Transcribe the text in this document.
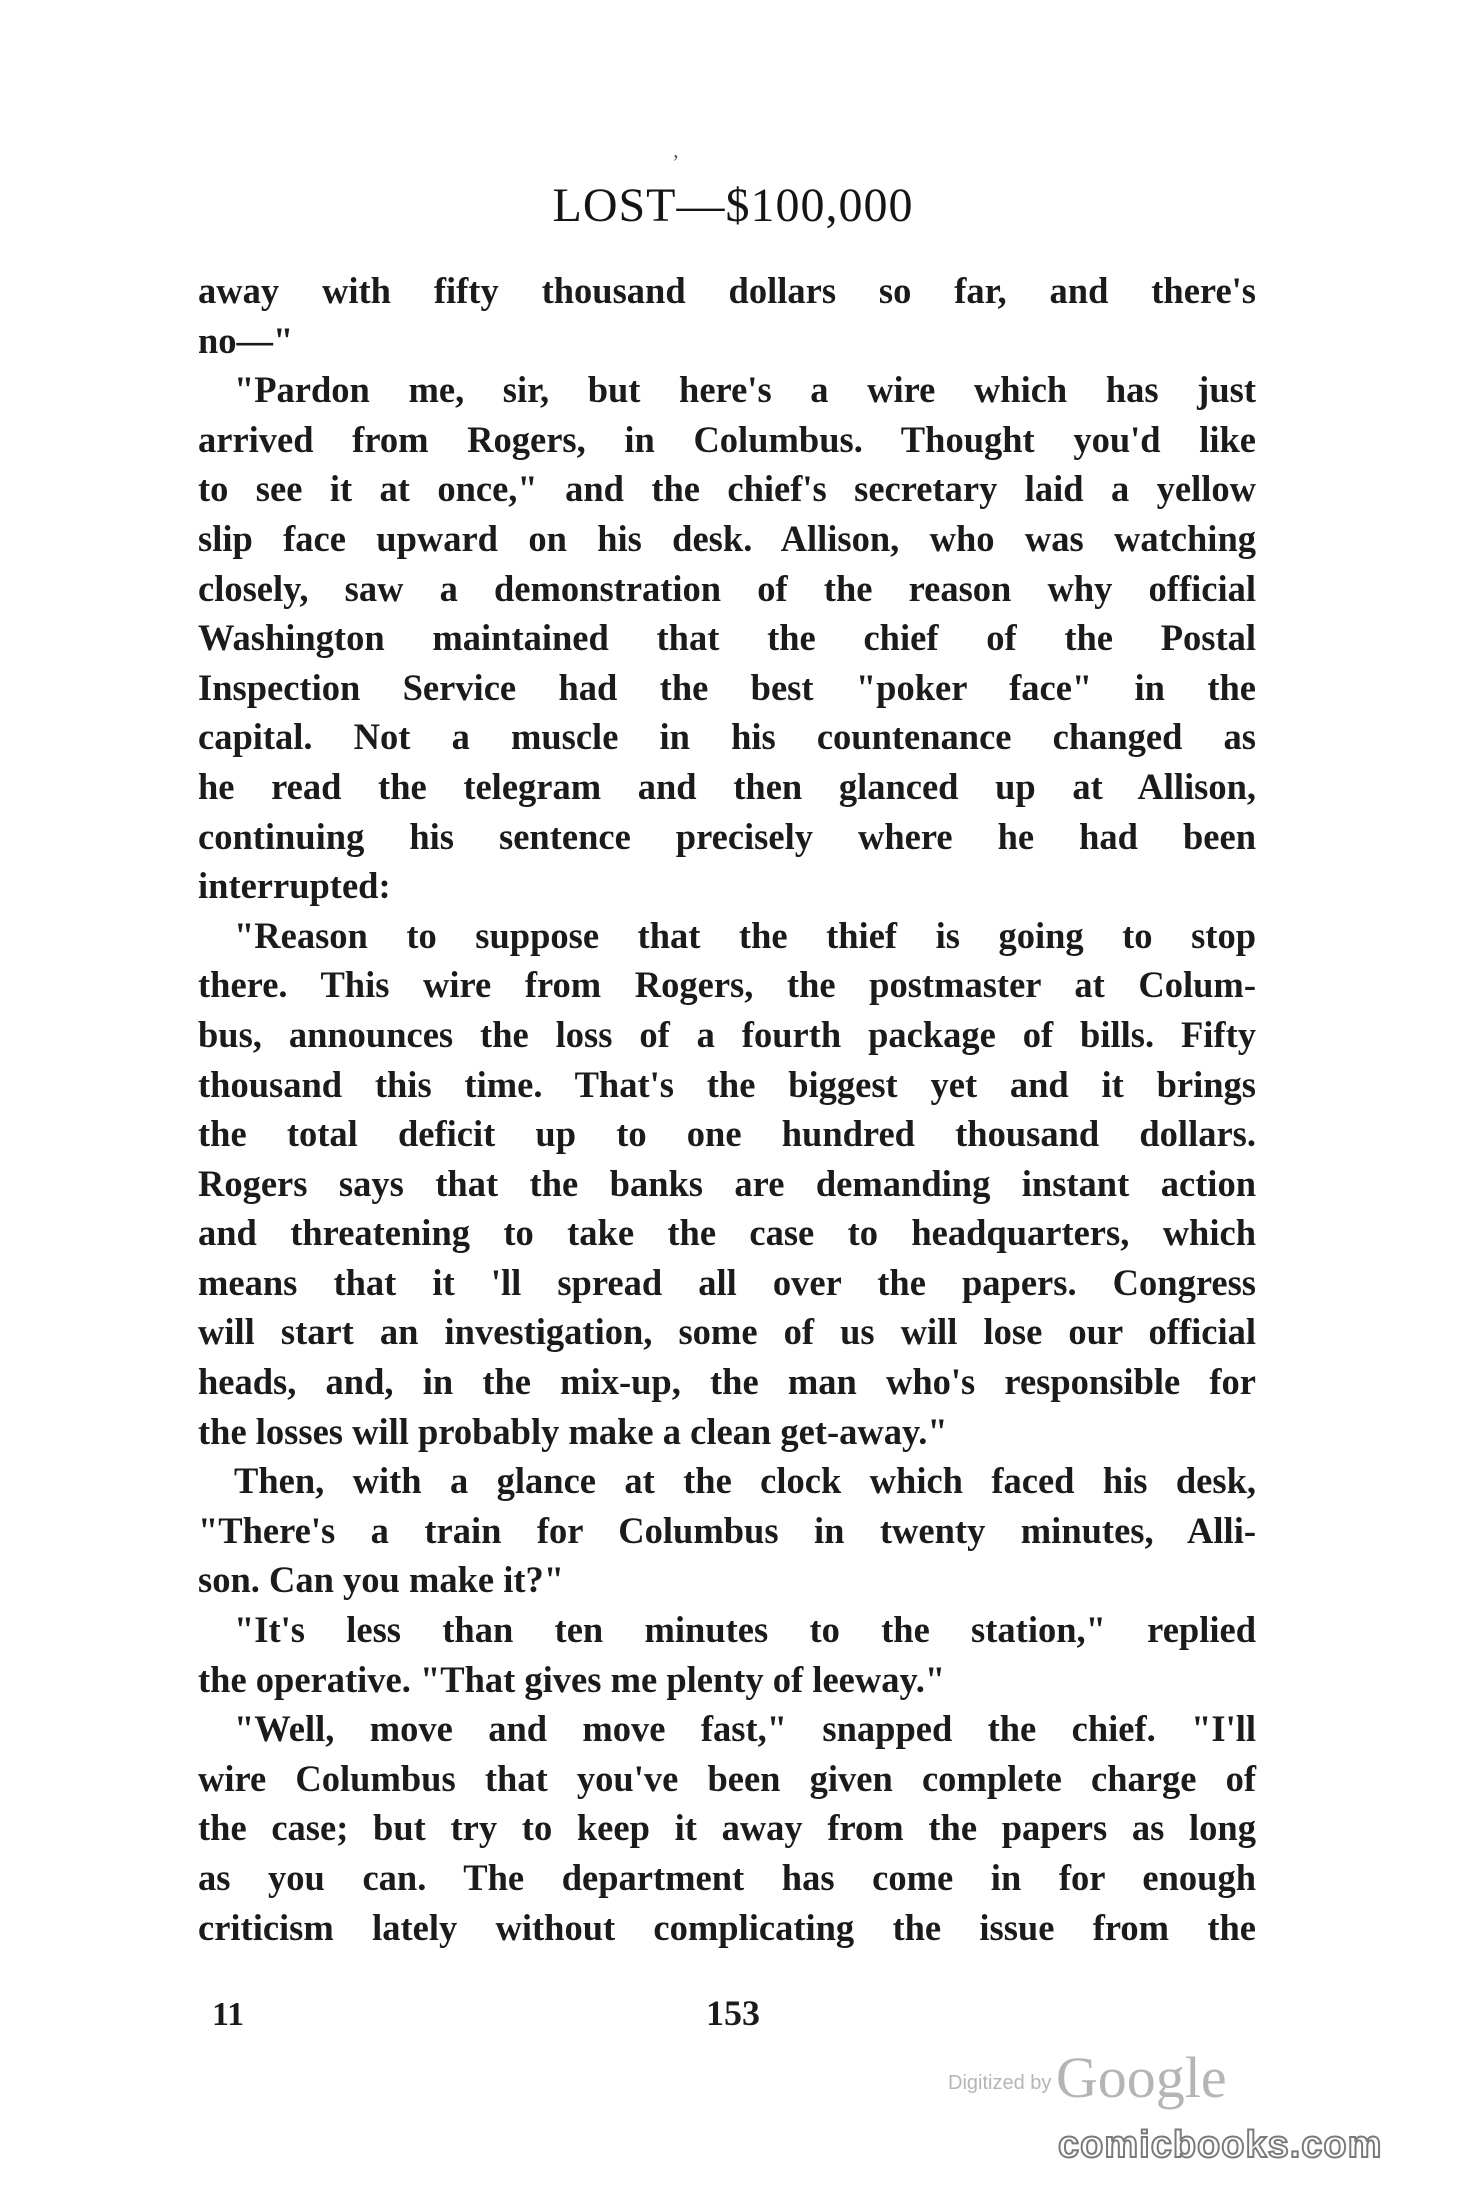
ʼ
LOST—$100,000
away with fifty thousand dollars so far, and there's
no—"
"Pardon me, sir, but here's a wire which has just
arrived from Rogers, in Columbus. Thought you'd like
to see it at once," and the chief's secretary laid a yellow
slip face upward on his desk. Allison, who was watching
closely, saw a demonstration of the reason why official
Washington maintained that the chief of the Postal
Inspection Service had the best "poker face" in the
capital. Not a muscle in his countenance changed as
he read the telegram and then glanced up at Allison,
continuing his sentence precisely where he had been
interrupted:
"Reason to suppose that the thief is going to stop
there. This wire from Rogers, the postmaster at Colum-
bus, announces the loss of a fourth package of bills. Fifty
thousand this time. That's the biggest yet and it brings
the total deficit up to one hundred thousand dollars.
Rogers says that the banks are demanding instant action
and threatening to take the case to headquarters, which
means that it 'll spread all over the papers. Congress
will start an investigation, some of us will lose our official
heads, and, in the mix-up, the man who's responsible for
the losses will probably make a clean get-away."
Then, with a glance at the clock which faced his desk,
"There's a train for Columbus in twenty minutes, Alli-
son. Can you make it?"
"It's less than ten minutes to the station," replied
the operative. "That gives me plenty of leeway."
"Well, move and move fast," snapped the chief. "I'll
wire Columbus that you've been given complete charge of
the case; but try to keep it away from the papers as long
as you can. The department has come in for enough
criticism lately without complicating the issue from the
11	153
Digitized by Google
comicbooks.com
